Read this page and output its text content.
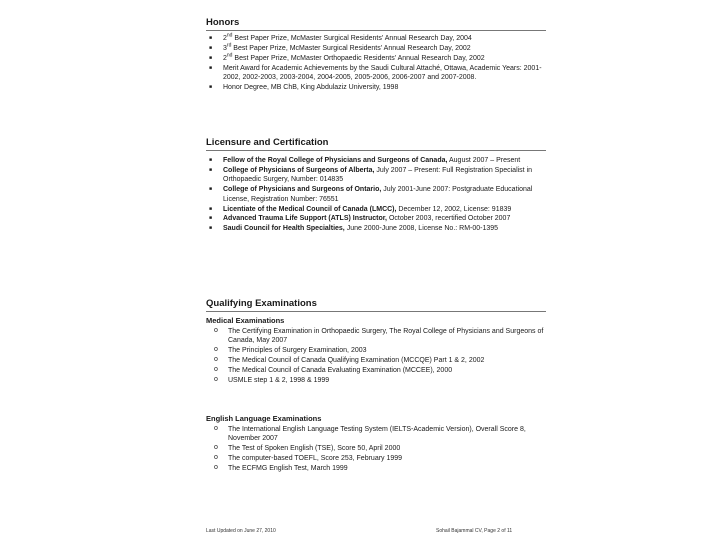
Honors
■ 2nd Best Paper Prize, McMaster Surgical Residents' Annual Research Day, 2004
■ 3rd Best Paper Prize, McMaster Surgical Residents' Annual Research Day, 2002
■ 2nd Best Paper Prize, McMaster Orthopaedic Residents' Annual Research Day, 2002
■ Merit Award for Academic Achievements by the Saudi Cultural Attaché, Ottawa, Academic Years: 2001-2002, 2002-2003, 2003-2004, 2004-2005, 2005-2006, 2006-2007 and 2007-2008.
■ Honor Degree, MB ChB, King Abdulaziz University, 1998
Licensure and Certification
■ Fellow of the Royal College of Physicians and Surgeons of Canada, August 2007 – Present
■ College of Physicians of Surgeons of Alberta, July 2007 – Present: Full Registration Specialist in Orthopaedic Surgery, Number: 014835
■ College of Physicians and Surgeons of Ontario, July 2001-June 2007: Postgraduate Educational License, Registration Number: 76551
■ Licentiate of the Medical Council of Canada (LMCC), December 12, 2002, License: 91839
■ Advanced Trauma Life Support (ATLS) Instructor, October 2003, recertified October 2007
■ Saudi Council for Health Specialties, June 2000-June 2008, License No.: RM-00-1395
Qualifying Examinations
Medical Examinations
o The Certifying Examination in Orthopaedic Surgery, The Royal College of Physicians and Surgeons of Canada, May 2007
o The Principles of Surgery Examination, 2003
o The Medical Council of Canada Qualifying Examination (MCCQE) Part 1 & 2, 2002
o The Medical Council of Canada Evaluating Examination (MCCEE), 2000
o USMLE step 1 & 2, 1998 & 1999
English Language Examinations
o The International English Language Testing System (IELTS-Academic Version), Overall Score 8, November 2007
o The Test of Spoken English (TSE), Score 50, April 2000
o The computer-based TOEFL, Score 253, February 1999
o The ECFMG English Test, March 1999
Last Updated on June 27, 2010	Sohail Bajammal CV, Page 2 of 11
